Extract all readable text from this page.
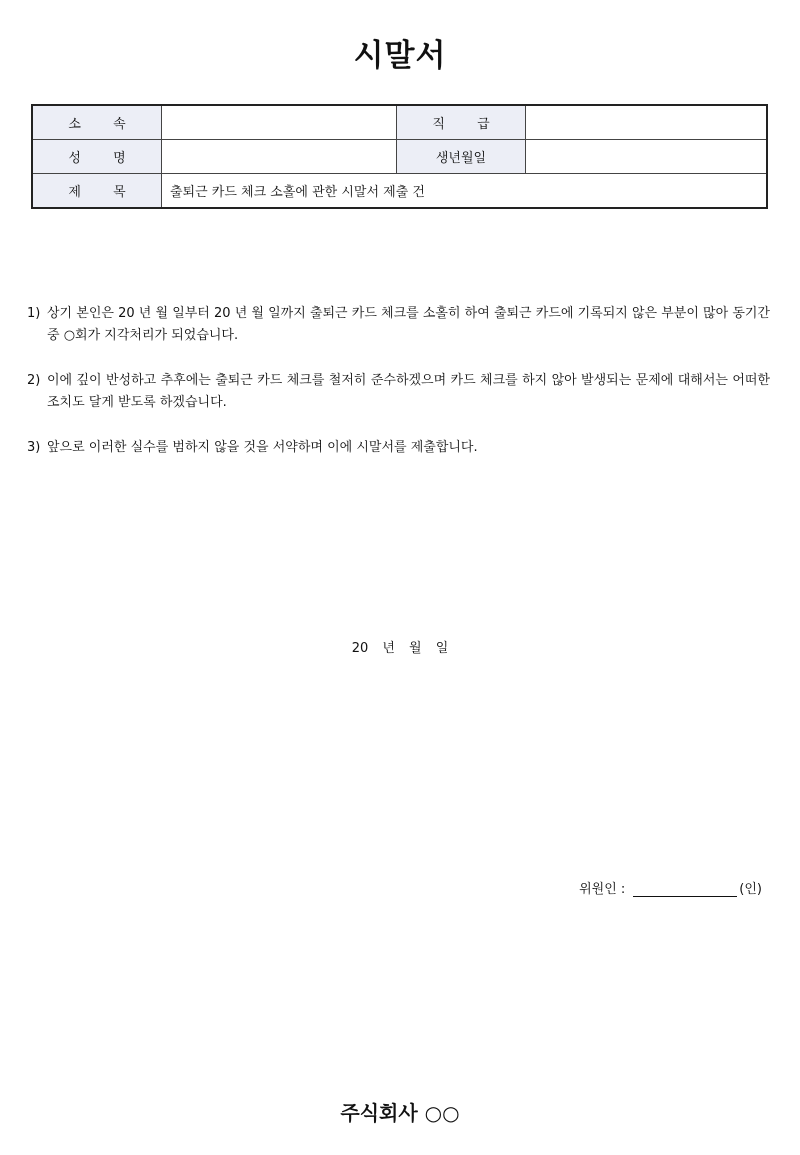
시말서
소 속		직 급	
성 명		생년월일	
제 목	출퇴근 카드 체크 소홀에 관한 시말서 제출 건		
1) 상기 본인은 20 년 월 일부터 20 년 월 일까지 출퇴근 카드 체크를 소홀히 하여 출퇴근 카드에 기록되지 않은 부분이 많아 동기간 중 ○회가 지각처리가 되었습니다.
2) 이에 깊이 반성하고 추후에는 출퇴근 카드 체크를 철저히 준수하겠으며 카드 체크를 하지 않아 발생되는 문제에 대해서는 어떠한 조치도 달게 받도록 하겠습니다.
3) 앞으로 이러한 실수를 범하지 않을 것을 서약하며 이에 시말서를 제출합니다.
20 년 월 일
위원인 :	(인)
주식회사 ○○
